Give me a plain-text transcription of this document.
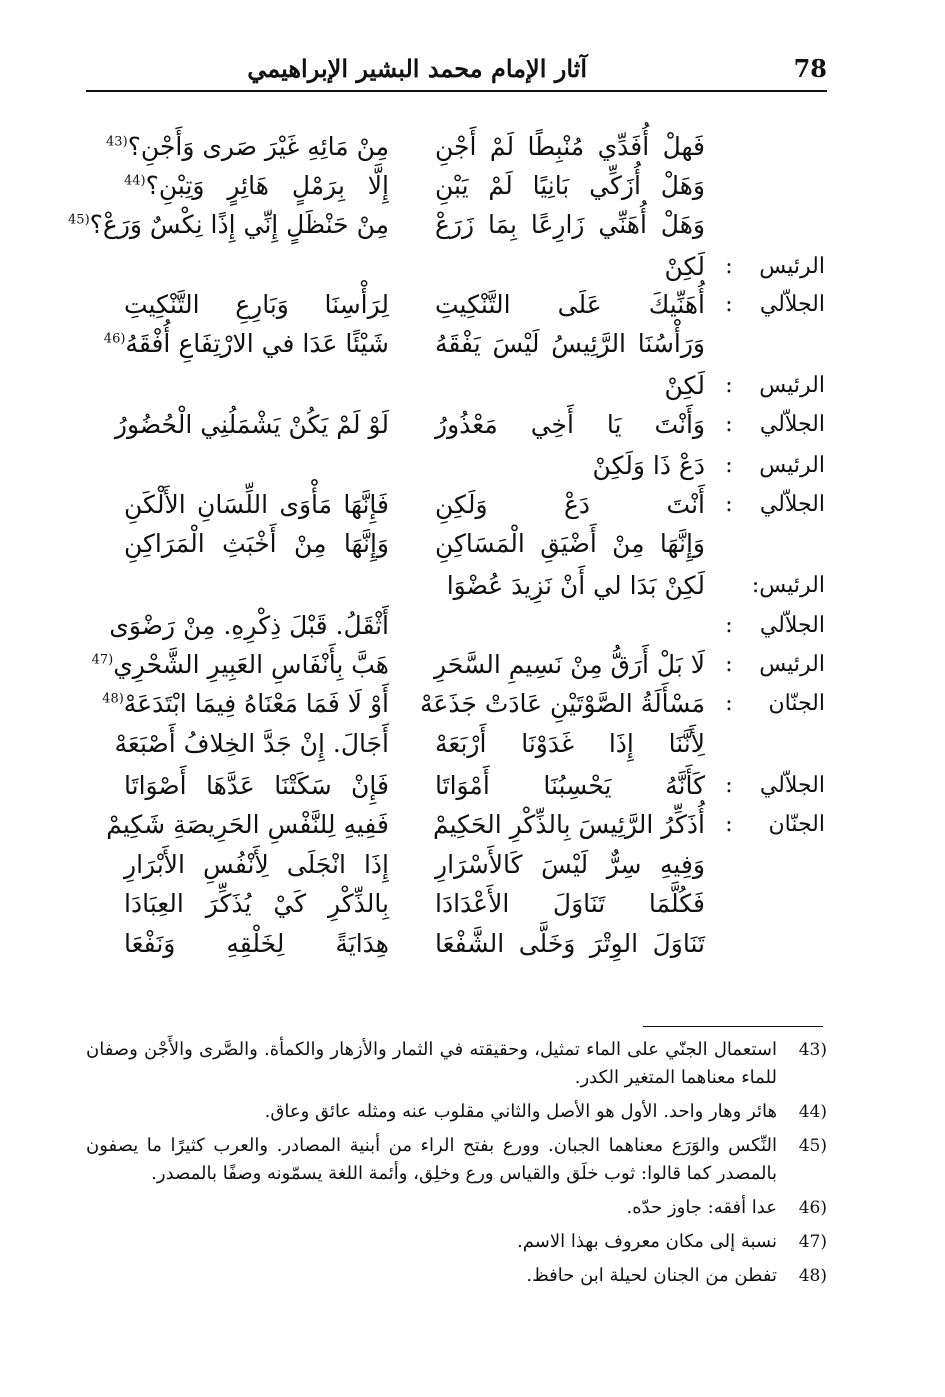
78
آثار الإمام محمد البشير الإبراهيمي
فَهلْ أُفَدِّي مُنْبِطًا لَمْ أَجْنِ
مِنْ مَائِهِ غَيْرَ صَرى وَأَجْنِ؟$^{(43}$
وَهَلْ أُزَكِّي بَانِيًا لَمْ يَبْنِ
إِلَّا بِرَمْلٍ هَائِرٍ وَتِبْنِ؟$^{(44}$
وَهَلْ أُهَنِّي زَارِعًا بِمَا زَرَعْ
مِنْ حَنْظَلٍ إِنِّي إِذًا نِكْسٌ وَرَعْ؟$^{(45}$
الرئيس
:
لَكِنْ
الجلاّلي
:
أُهَنِّيكَ عَلَى التَّنْكِيتِ
لِرَأْسِنَا وَبَارِعِ التَّنْكِيتِ
وَرَأْسُنَا الرَّئِيسُ لَيْسَ يَفْقَهُ
شَيْئًا عَدَا في الارْتِفَاعِ أُفْقَهُ$^{(46}$
الرئيس
:
لَكِنْ
الجلاّلي
:
وَأَنْتَ يَا أَخِي مَعْذُورُ
لَوْ لَمْ يَكُنْ يَشْمَلُنِي الْحُضُورُ
الرئيس
:
دَعْ ذَا وَلَكِنْ
الجلاّلي
:
أَنْتَ دَعْ وَلَكِنِ
فَإِنَّهَا مَأْوَى اللِّسَانِ الأَلْكَنِ
وَإِنَّهَا مِنْ أَضْيَقِ الْمَسَاكِنِ
وَإِنَّهَا مِنْ أَخْبَثِ الْمَرَاكِنِ
الرئيس:
لَكِنْ بَدَا لي أَنْ نَزِيدَ عُضْوَا
الجلاّلي
:
أَثْقَلُ. قَبْلَ ذِكْرِهِ. مِنْ رَضْوَى
الرئيس
:
لَا بَلْ أَرَقُّ مِنْ نَسِيمِ السَّحَرِ
هَبَّ بِأَنْفَاسِ العَبِيرِ الشَّحْرِي$^{(47}$
الجنّان
:
مَسْأَلَةُ الصَّوْتَيْنِ عَادَتْ جَذَعَهْ
أَوْ لَا فَمَا مَعْنَاهُ فِيمَا ابْتَدَعَهْ$^{(48}$
لِأَنَّنَا إِذَا غَدَوْنَا أَرْبَعَهْ
أَجَالَ. إِنْ جَدَّ الخِلافُ أَصْبَعَهْ
الجلاّلي
:
كَأَنَّهُ يَحْسِبُنَا أَمْوَاتَا
فَإِنْ سَكَتْنَا عَدَّهَا أَصْوَاتَا
الجنّان
:
أُذَكِّرُ الرَّئِيسَ بِالذِّكْرِ الحَكِيمْ
فَفِيهِ لِلنَّفْسِ الحَرِيصَةِ شَكِيمْ
وَفِيهِ سِرٌّ لَيْسَ كَالأَسْرَارِ
إِذَا انْجَلَى لِأَنْفُسِ الأَبْرَارِ
فَكُلَّمَا تَنَاوَلَ الأَعْدَادَا
بِالذِّكْرِ كَيْ يُذَكِّرَ العِبَادَا
تَنَاوَلَ الوِتْرَ وَخَلَّى الشَّفْعَا
هِدَايَةً لِخَلْقِهِ وَنَفْعَا
43)
استعمال الجنّي على الماء تمثيل، وحقيقته في الثمار والأزهار والكمأة. والصَّرى والأَجْن وصفان للماء معناهما المتغير الكدر.
44)
هائر وهار واحد. الأول هو الأصل والثاني مقلوب عنه ومثله عائق وعاق.
45)
النِّكس والوَرَع معناهما الجبان. وورع بفتح الراء من أبنية المصادر. والعرب كثيرًا ما يصفون بالمصدر كما قالوا: ثوب خلَق والقياس ورع وخلِق، وأئمة اللغة يسمّونه وصفًا بالمصدر.
46)
عدا أفقه: جاوز حدّه.
47)
نسبة إلى مكان معروف بهذا الاسم.
48)
تفطن من الجنان لحيلة ابن حافظ.
